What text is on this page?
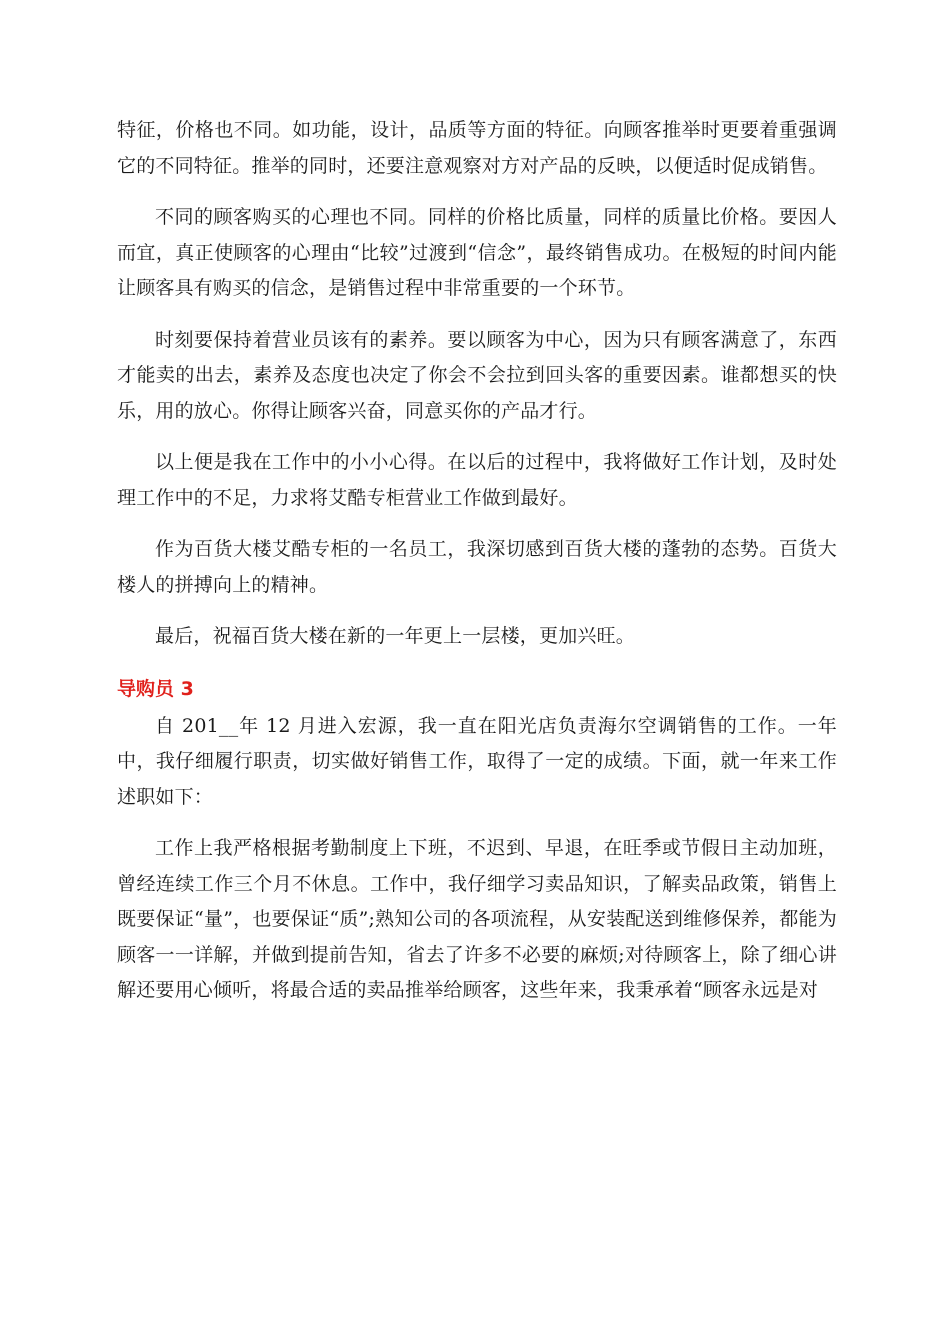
特征，价格也不同。如功能，设计，品质等方面的特征。向顾客推举时更要着重强调它的不同特征。推举的同时，还要注意观察对方对产品的反映，以便适时促成销售。

不同的顾客购买的心理也不同。同样的价格比质量，同样的质量比价格。要因人而宜，真正使顾客的心理由“比较”过渡到“信念”，最终销售成功。在极短的时间内能让顾客具有购买的信念，是销售过程中非常重要的一个环节。

时刻要保持着营业员该有的素养。要以顾客为中心，因为只有顾客满意了，东西才能卖的出去，素养及态度也决定了你会不会拉到回头客的重要因素。谁都想买的快乐，用的放心。你得让顾客兴奋，同意买你的产品才行。

以上便是我在工作中的小小心得。在以后的过程中，我将做好工作计划，及时处理工作中的不足，力求将艾酷专柜营业工作做到最好。

作为百货大楼艾酷专柜的一名员工，我深切感到百货大楼的蓬勃的态势。百货大楼人的拼搏向上的精神。

最后，祝福百货大楼在新的一年更上一层楼，更加兴旺。

导购员 3

自 201__年 12 月进入宏源，我一直在阳光店负责海尔空调销售的工作。一年中，我仔细履行职责，切实做好销售工作，取得了一定的成绩。下面，就一年来工作述职如下：

工作上我严格根据考勤制度上下班，不迟到、早退，在旺季或节假日主动加班，曾经连续工作三个月不休息。工作中，我仔细学习卖品知识，了解卖品政策，销售上既要保证“量”，也要保证“质”;熟知公司的各项流程，从安装配送到维修保养，都能为顾客一一详解，并做到提前告知，省去了许多不必要的麻烦;对待顾客上，除了细心讲解还要用心倾听，将最合适的卖品推举给顾客，这些年来，我秉承着“顾客永远是对
